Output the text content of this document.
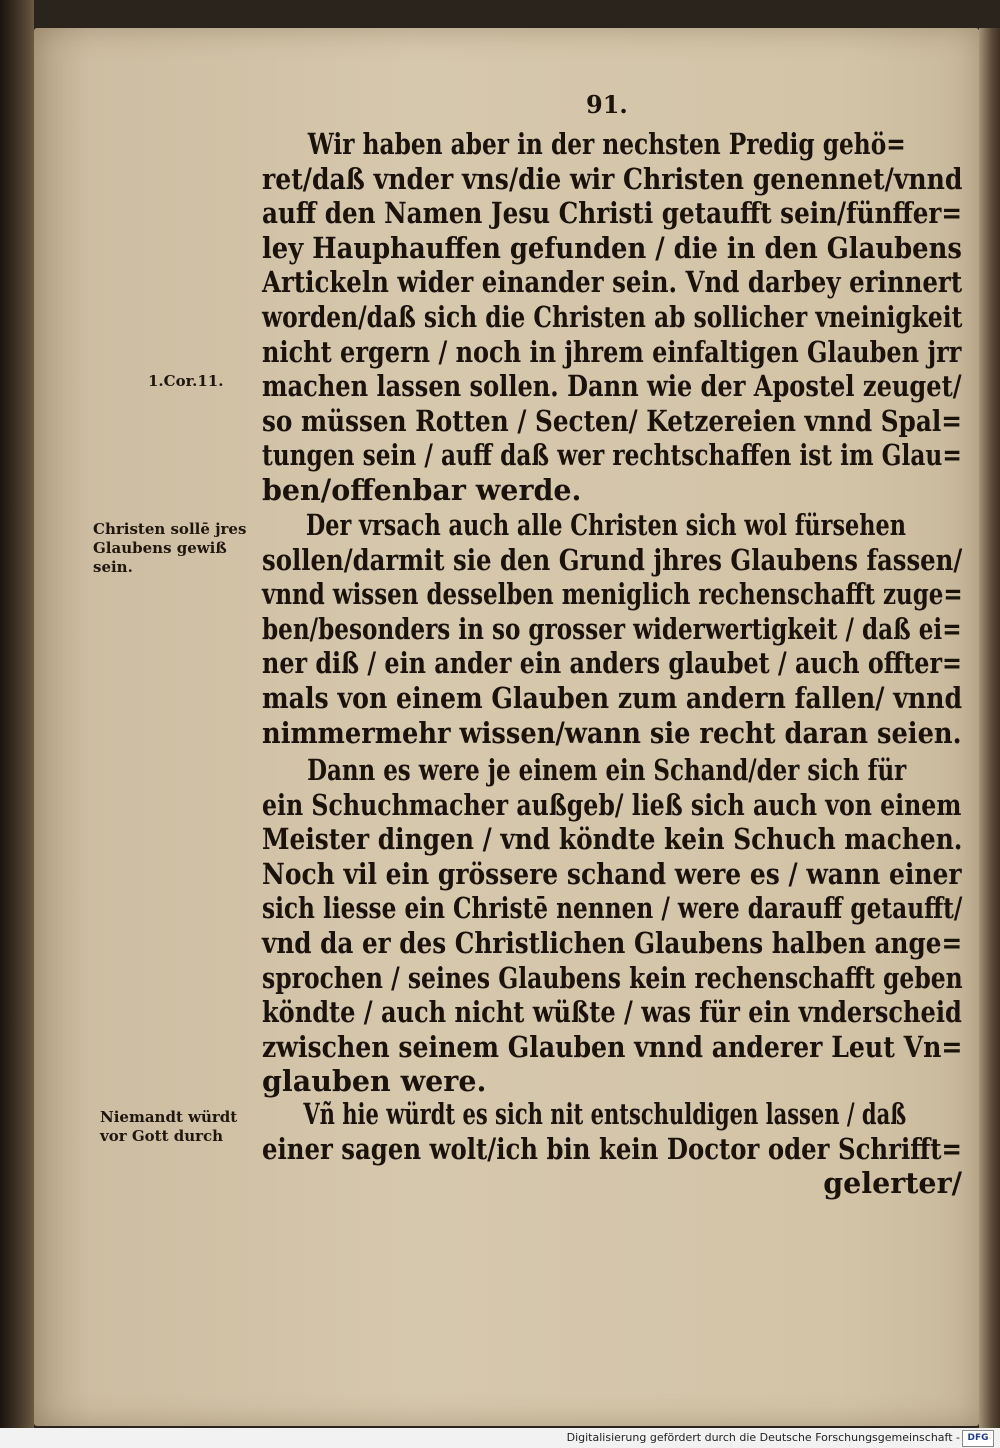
91.
Wir haben aber in der nechsten Predig gehö=
ret/daß vnder vns/die wir Christen genennet/vnnd
auff den Namen Jesu Christi getaufft sein/fünffer=
ley Hauphauffen gefunden / die in den Glaubens
Artickeln wider einander sein. Vnd darbey erinnert
worden/daß sich die Christen ab sollicher vneinigkeit
nicht ergern / noch in jhrem einfaltigen Glauben jrr
machen lassen sollen. Dann wie der Apostel zeuget/
so müssen Rotten / Secten/ Ketzereien vnnd Spal=
tungen sein / auff daß wer rechtschaffen ist im Glau=
ben/offenbar werde.
Der vrsach auch alle Christen sich wol fürsehen
sollen/darmit sie den Grund jhres Glaubens fassen/
vnnd wissen desselben meniglich rechenschafft zuge=
ben/besonders in so grosser widerwertigkeit / daß ei=
ner diß / ein ander ein anders glaubet / auch offter=
mals von einem Glauben zum andern fallen/ vnnd
nimmermehr wissen/wann sie recht daran seien.
Dann es were je einem ein Schand/der sich für
ein Schuchmacher außgeb/ ließ sich auch von einem
Meister dingen / vnd köndte kein Schuch machen.
Noch vil ein grössere schand were es / wann einer
sich liesse ein Christē nennen / were darauff getaufft/
vnd da er des Christlichen Glaubens halben ange=
sprochen / seines Glaubens kein rechenschafft geben
köndte / auch nicht wüßte / was für ein vnderscheid
zwischen seinem Glauben vnnd anderer Leut Vn=
glauben were.
Vñ hie würdt es sich nit entschuldigen lassen / daß
einer sagen wolt/ich bin kein Doctor oder Schrifft=
gelerter/
1.Cor.11.
Christen sollē jres
Glaubens gewiß
sein.
Niemandt würdt
vor Gott durch
Digitalisierung gefördert durch die Deutsche Forschungsgemeinschaft - DFG
